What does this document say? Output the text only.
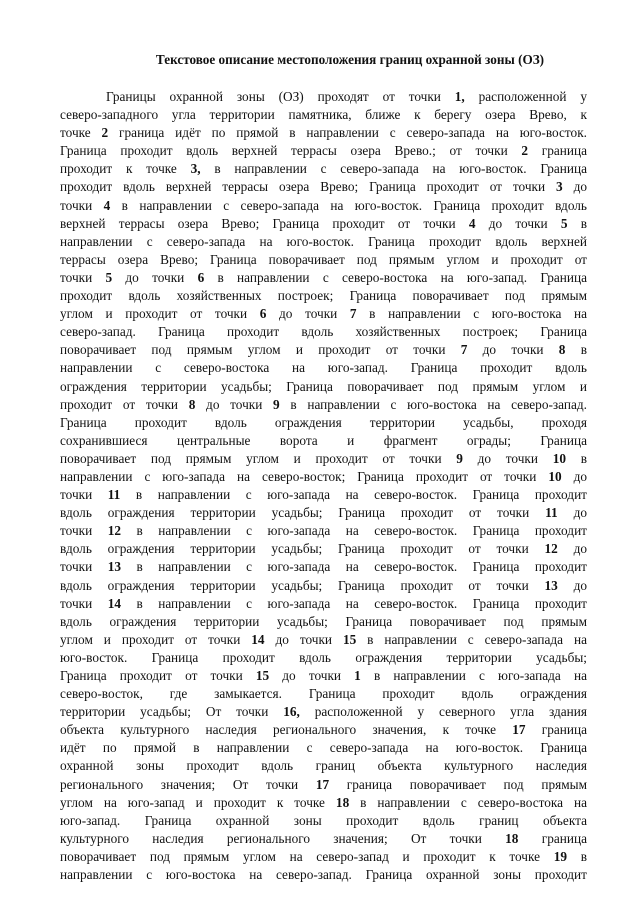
Текстовое описание местоположения границ охранной зоны (ОЗ)
Границы охранной зоны (ОЗ) проходят от точки 1, расположенной у
северо-западного угла территории памятника, ближе к берегу озера Врево, к
точке 2 граница идёт по прямой в направлении с северо-запада на юго-восток.
Граница проходит вдоль верхней террасы озера Врево.; от точки 2 граница
проходит к точке 3, в направлении с северо-запада на юго-восток. Граница
проходит вдоль верхней террасы озера Врево; Граница проходит от точки 3 до
точки 4 в направлении с северо-запада на юго-восток. Граница проходит вдоль
верхней террасы озера Врево; Граница проходит от точки 4 до точки 5 в
направлении с северо-запада на юго-восток. Граница проходит вдоль верхней
террасы озера Врево; Граница поворачивает под прямым углом и проходит от
точки 5 до точки 6 в направлении с северо-востока на юго-запад. Граница
проходит вдоль хозяйственных построек; Граница поворачивает под прямым
углом и проходит от точки 6 до точки 7 в направлении с юго-востока на
северо-запад. Граница проходит вдоль хозяйственных построек; Граница
поворачивает под прямым углом и проходит от точки 7 до точки 8 в
направлении с северо-востока на юго-запад. Граница проходит вдоль
ограждения территории усадьбы; Граница поворачивает под прямым углом и
проходит от точки 8 до точки 9 в направлении с юго-востока на северо-запад.
Граница проходит вдоль ограждения территории усадьбы, проходя
сохранившиеся центральные ворота и фрагмент ограды; Граница
поворачивает под прямым углом и проходит от точки 9 до точки 10 в
направлении с юго-запада на северо-восток; Граница проходит от точки 10 до
точки 11 в направлении с юго-запада на северо-восток. Граница проходит
вдоль ограждения территории усадьбы; Граница проходит от точки 11 до
точки 12 в направлении с юго-запада на северо-восток. Граница проходит
вдоль ограждения территории усадьбы; Граница проходит от точки 12 до
точки 13 в направлении с юго-запада на северо-восток. Граница проходит
вдоль ограждения территории усадьбы; Граница проходит от точки 13 до
точки 14 в направлении с юго-запада на северо-восток. Граница проходит
вдоль ограждения территории усадьбы; Граница поворачивает под прямым
углом и проходит от точки 14 до точки 15 в направлении с северо-запада на
юго-восток. Граница проходит вдоль ограждения территории усадьбы;
Граница проходит от точки 15 до точки 1 в направлении с юго-запада на
северо-восток, где замыкается. Граница проходит вдоль ограждения
территории усадьбы; От точки 16, расположенной у северного угла здания
объекта культурного наследия регионального значения, к точке 17 граница
идёт по прямой в направлении с северо-запада на юго-восток. Граница
охранной зоны проходит вдоль границ объекта культурного наследия
регионального значения; От точки 17 граница поворачивает под прямым
углом на юго-запад и проходит к точке 18 в направлении с северо-востока на
юго-запад. Граница охранной зоны проходит вдоль границ объекта
культурного наследия регионального значения; От точки 18 граница
поворачивает под прямым углом на северо-запад и проходит к точке 19 в
направлении с юго-востока на северо-запад. Граница охранной зоны проходит
